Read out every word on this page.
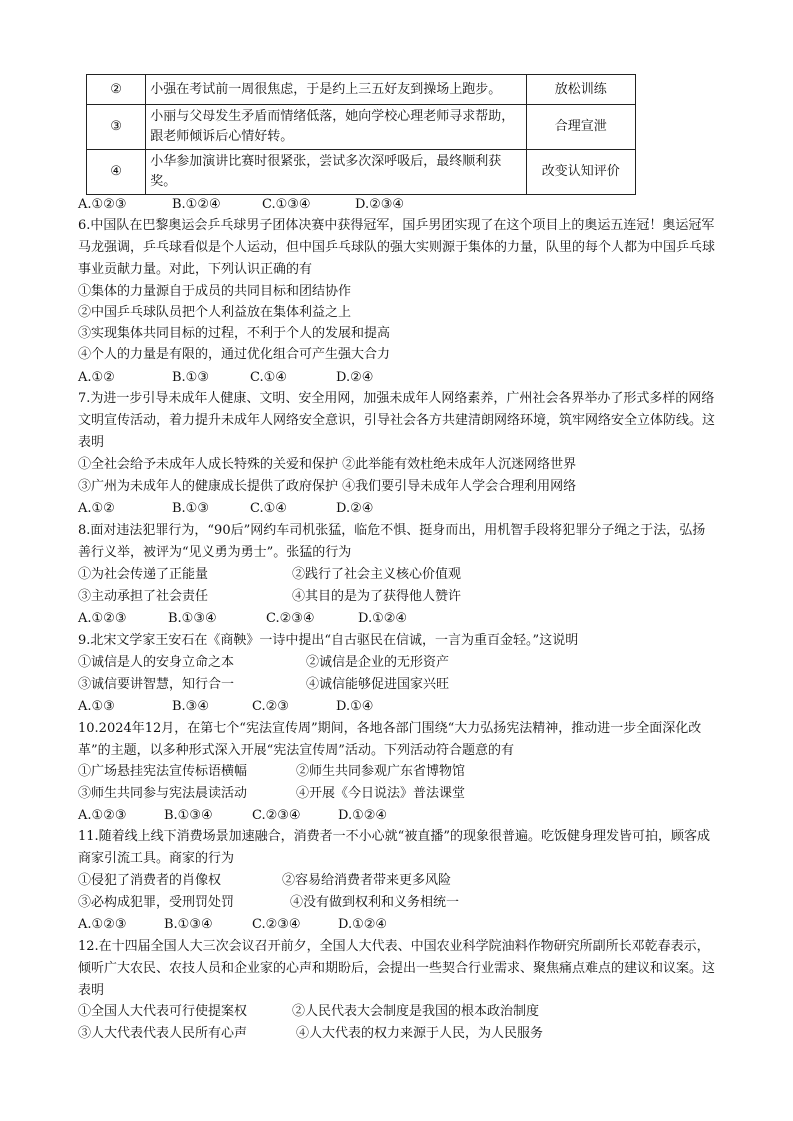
②	小强在考试前一周很焦虑，于是约上三五好友到操场上跑步。	放松训练
③	小丽与父母发生矛盾而情绪低落，她向学校心理老师寻求帮助，跟老师倾诉后心情好转。	合理宣泄
④	小华参加演讲比赛时很紧张，尝试多次深呼吸后，最终顺利获奖。	改变认知评价
A.①②③	B.①②④	C.①③④	D.②③④
6.中国队在巴黎奥运会乒乓球男子团体决赛中获得冠军，国乒男团实现了在这个项目上的奥运五连冠！奥运冠军马龙强调，乒乓球看似是个人运动，但中国乒乓球队的强大实则源于集体的力量，队里的每个人都为中国乒乓球事业贡献力量。对此，下列认识正确的有
①集体的力量源自于成员的共同目标和团结协作
②中国乒乓球队员把个人利益放在集体利益之上
③实现集体共同目标的过程，不利于个人的发展和提高
④个人的力量是有限的，通过优化组合可产生强大合力
A.①②	B.①③	C.①④	D.②④
7.为进一步引导未成年人健康、文明、安全用网，加强未成年人网络素养，广州社会各界举办了形式多样的网络文明宣传活动，着力提升未成年人网络安全意识，引导社会各方共建清朗网络环境，筑牢网络安全立体防线。这表明
①全社会给予未成年人成长特殊的关爱和保护 ②此举能有效杜绝未成年人沉迷网络世界
③广州为未成年人的健康成长提供了政府保护 ④我们要引导未成年人学会合理利用网络
A.①②	B.①③	C.①④	D.②④
8.面对违法犯罪行为，“90后”网约车司机张猛，临危不惧、挺身而出，用机智手段将犯罪分子绳之于法，弘扬善行义举，被评为“见义勇为勇士”。张猛的行为
①为社会传递了正能量	②践行了社会主义核心价值观
③主动承担了社会责任	④其目的是为了获得他人赞许
A.①②③	B.①③④	C.②③④	D.①②④
9.北宋文学家王安石在《商鞅》一诗中提出“自古驱民在信诚，一言为重百金轻。”这说明
①诚信是人的安身立命之本	②诚信是企业的无形资产
③诚信要讲智慧，知行合一	④诚信能够促进国家兴旺
A.①③	B.③④	C.②③	D.①④
10.2024年12月，在第七个“宪法宣传周”期间，各地各部门围绕“大力弘扬宪法精神，推动进一步全面深化改革”的主题，以多种形式深入开展“宪法宣传周”活动。下列活动符合题意的有
①广场悬挂宪法宣传标语横幅	②师生共同参观广东省博物馆
③师生共同参与宪法晨读活动	④开展《今日说法》普法课堂
A.①②③	B.①③④	C.②③④	D.①②④
11.随着线上线下消费场景加速融合，消费者一不小心就“被直播”的现象很普遍。吃饭健身理发皆可拍，顾客成商家引流工具。商家的行为
①侵犯了消费者的肖像权	②容易给消费者带来更多风险
③必构成犯罪，受刑罚处罚	④没有做到权利和义务相统一
A.①②③	B.①③④	C.②③④	D.①②④
12.在十四届全国人大三次会议召开前夕，全国人大代表、中国农业科学院油料作物研究所副所长邓乾春表示，倾听广大农民、农技人员和企业家的心声和期盼后，会提出一些契合行业需求、聚焦痛点难点的建议和议案。这表明
①全国人大代表可行使提案权	②人民代表大会制度是我国的根本政治制度
③人大代表代表人民所有心声	④人大代表的权力来源于人民，为人民服务
